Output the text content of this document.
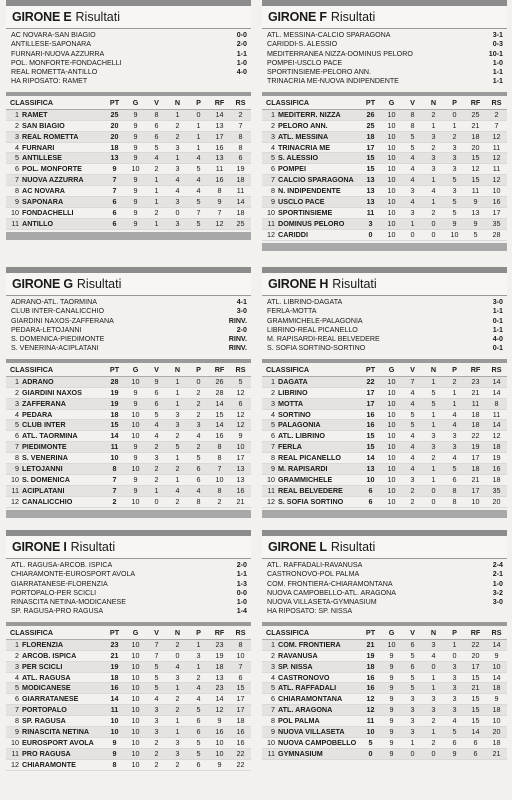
GIRONE E Risultati
AC NOVARA-SAN BIAGIO	0-0
ANTILLESE-SAPONARA	2-0
FURNARI-NUOVA AZZURRA	1-1
POL. MONFORTE-FONDACHELLI	1-0
REAL ROMETTA-ANTILLO	4-0
HA RIPOSATO: RAMET
CLASSIFICA	PT	G	V	N	P	RF	RS
1 RAMET	25	9	8	1	0	14	2
2 SAN BIAGIO	20	9	6	2	1	13	7
3 REAL ROMETTA	20	9	6	2	1	17	8
4 FURNARI	18	9	5	3	1	16	8
5 ANTILLESE	13	9	4	1	4	13	6
6 POL. MONFORTE	9	10	2	3	5	11	19
7 NUOVA AZZURRA	7	9	1	4	4	16	18
8 AC NOVARA	7	9	1	4	4	8	11
9 SAPONARA	6	9	1	3	5	9	14
10 FONDACHELLI	6	9	2	0	7	7	18
11 ANTILLO	6	9	1	3	5	12	25
GIRONE G Risultati
ADRANO-ATL. TAORMINA	4-1
CLUB INTER-CANALICCHIO	3-0
GIARDINI NAXOS-ZAFFERANA	RINV.
PEDARA-LETOJANNI	2-0
S. DOMENICA-PIEDIMONTE	RINV.
S. VENERINA-ACIPLATANI	RINV.
CLASSIFICA	PT	G	V	N	P	RF	RS
1 ADRANO	28	10	9	1	0	26	5
2 GIARDINI NAXOS	19	9	6	1	2	28	12
3 ZAFFERANA	19	9	6	1	2	14	6
4 PEDARA	18	10	5	3	2	15	12
5 CLUB INTER	15	10	4	3	3	14	12
6 ATL. TAORMINA	14	10	4	2	4	16	9
7 PIEDIMONTE	11	9	2	5	2	8	10
8 S. VENERINA	10	9	3	1	5	8	17
9 LETOJANNI	8	10	2	2	6	7	13
10 S. DOMENICA	7	9	2	1	6	10	13
11 ACIPLATANI	7	9	1	4	4	8	16
12 CANALICCHIO	2	10	0	2	8	2	21
GIRONE I Risultati
ATL. RAGUSA-ARCOB. ISPICA	2-0
CHIARAMONTE-EUROSPORT AVOLA	1-1
GIARRATANESE-FLORENZIA	1-3
PORTOPALO-PER SCICLI	0-0
RINASCITA NETINA-MODICANESE	1-0
SP. RAGUSA-PRO RAGUSA	1-4
CLASSIFICA	PT	G	V	N	P	RF	RS
1 FLORENZIA	23	10	7	2	1	23	8
2 ARCOB. ISPICA	21	10	7	0	3	19	10
3 PER SCICLI	19	10	5	4	1	18	7
4 ATL. RAGUSA	18	10	5	3	2	13	6
5 MODICANESE	16	10	5	1	4	23	15
6 GIARRATANESE	14	10	4	2	4	14	17
7 PORTOPALO	11	10	3	2	5	12	17
8 SP. RAGUSA	10	10	3	1	6	9	18
9 RINASCITA NETINA	10	10	3	1	6	16	16
10 EUROSPORT AVOLA	9	10	2	3	5	10	16
11 PRO RAGUSA	9	10	2	3	5	10	22
12 CHIARAMONTE	8	10	2	2	6	9	22
GIRONE F Risultati
ATL. MESSINA-CALCIO SPARAGONA	3-1
CARIDDI-S. ALESSIO	0-3
MEDITERRANEA NIZZA-DOMINUS PELORO	10-1
POMPEI-USCLO PACE	1-0
SPORTINSIEME-PELORO ANN.	1-1
TRINACRIA ME-NUOVA INDIPENDENTE	1-1
CLASSIFICA	PT	G	V	N	P	RF	RS
1 MEDITERR. NIZZA	26	10	8	2	0	25	2
2 PELORO ANN.	25	10	8	1	1	21	7
3 ATL. MESSINA	18	10	5	3	2	18	12
4 TRINACRIA ME	17	10	5	2	3	20	11
5 S. ALESSIO	15	10	4	3	3	15	12
6 POMPEI	15	10	4	3	3	12	11
7 CALCIO SPARAGONA	13	10	4	1	5	15	12
8 N. INDIPENDENTE	13	10	3	4	3	11	10
9 USCLO PACE	13	10	4	1	5	9	16
10 SPORTINSIEME	11	10	3	2	5	13	17
11 DOMINUS PELORO	3	10	1	0	9	9	35
12 CARIDDI	0	10	0	0	10	5	28
GIRONE H Risultati
ATL. LIBRINO-DAGATA	3-0
FERLA-MOTTA	1-1
GRAMMICHELE-PALAGONIA	0-1
LIBRINO-REAL PICANELLO	1-1
M. RAPISARDI-REAL BELVEDERE	4-0
S. SOFIA SORTINO-SORTINO	0-1
CLASSIFICA	PT	G	V	N	P	RF	RS
1 DAGATA	22	10	7	1	2	23	14
2 LIBRINO	17	10	4	5	1	21	14
3 MOTTA	17	10	4	5	1	11	8
4 SORTINO	16	10	5	1	4	18	11
5 PALAGONIA	16	10	5	1	4	18	14
6 ATL. LIBRINO	15	10	4	3	3	22	12
7 FERLA	15	10	4	3	3	19	18
8 REAL PICANELLO	14	10	4	2	4	17	19
9 M. RAPISARDI	13	10	4	1	5	18	16
10 GRAMMICHELE	10	10	3	1	6	21	18
11 REAL BELVEDERE	6	10	2	0	8	17	35
12 S. SOFIA SORTINO	6	10	2	0	8	10	20
GIRONE L Risultati
ATL. RAFFADALI-RAVANUSA	2-4
CASTRONOVO-POL PALMA	2-1
COM. FRONTIERA-CHIARAMONTANA	1-0
NUOVA CAMPOBELLO-ATL. ARAGONA	3-2
NUOVA VILLASETA-GYMNASIUM	3-0
HA RIPOSATO: SP. NISSA
CLASSIFICA	PT	G	V	N	P	RF	RS
1 COM. FRONTIERA	21	10	6	3	1	22	14
2 RAVANUSA	19	9	5	4	0	20	9
3 SP. NISSA	18	9	6	0	3	17	10
4 CASTRONOVO	16	9	5	1	3	15	14
5 ATL. RAFFADALI	16	9	5	1	3	21	18
6 CHIARAMONTANA	12	9	3	3	3	15	9
7 ATL. ARAGONA	12	9	3	3	3	15	18
8 POL PALMA	11	9	3	2	4	15	10
9 NUOVA VILLASETA	10	9	3	1	5	14	20
10 NUOVA CAMPOBELLO	5	9	1	2	6	6	18
11 GYMNASIUM	0	9	0	0	9	6	21
